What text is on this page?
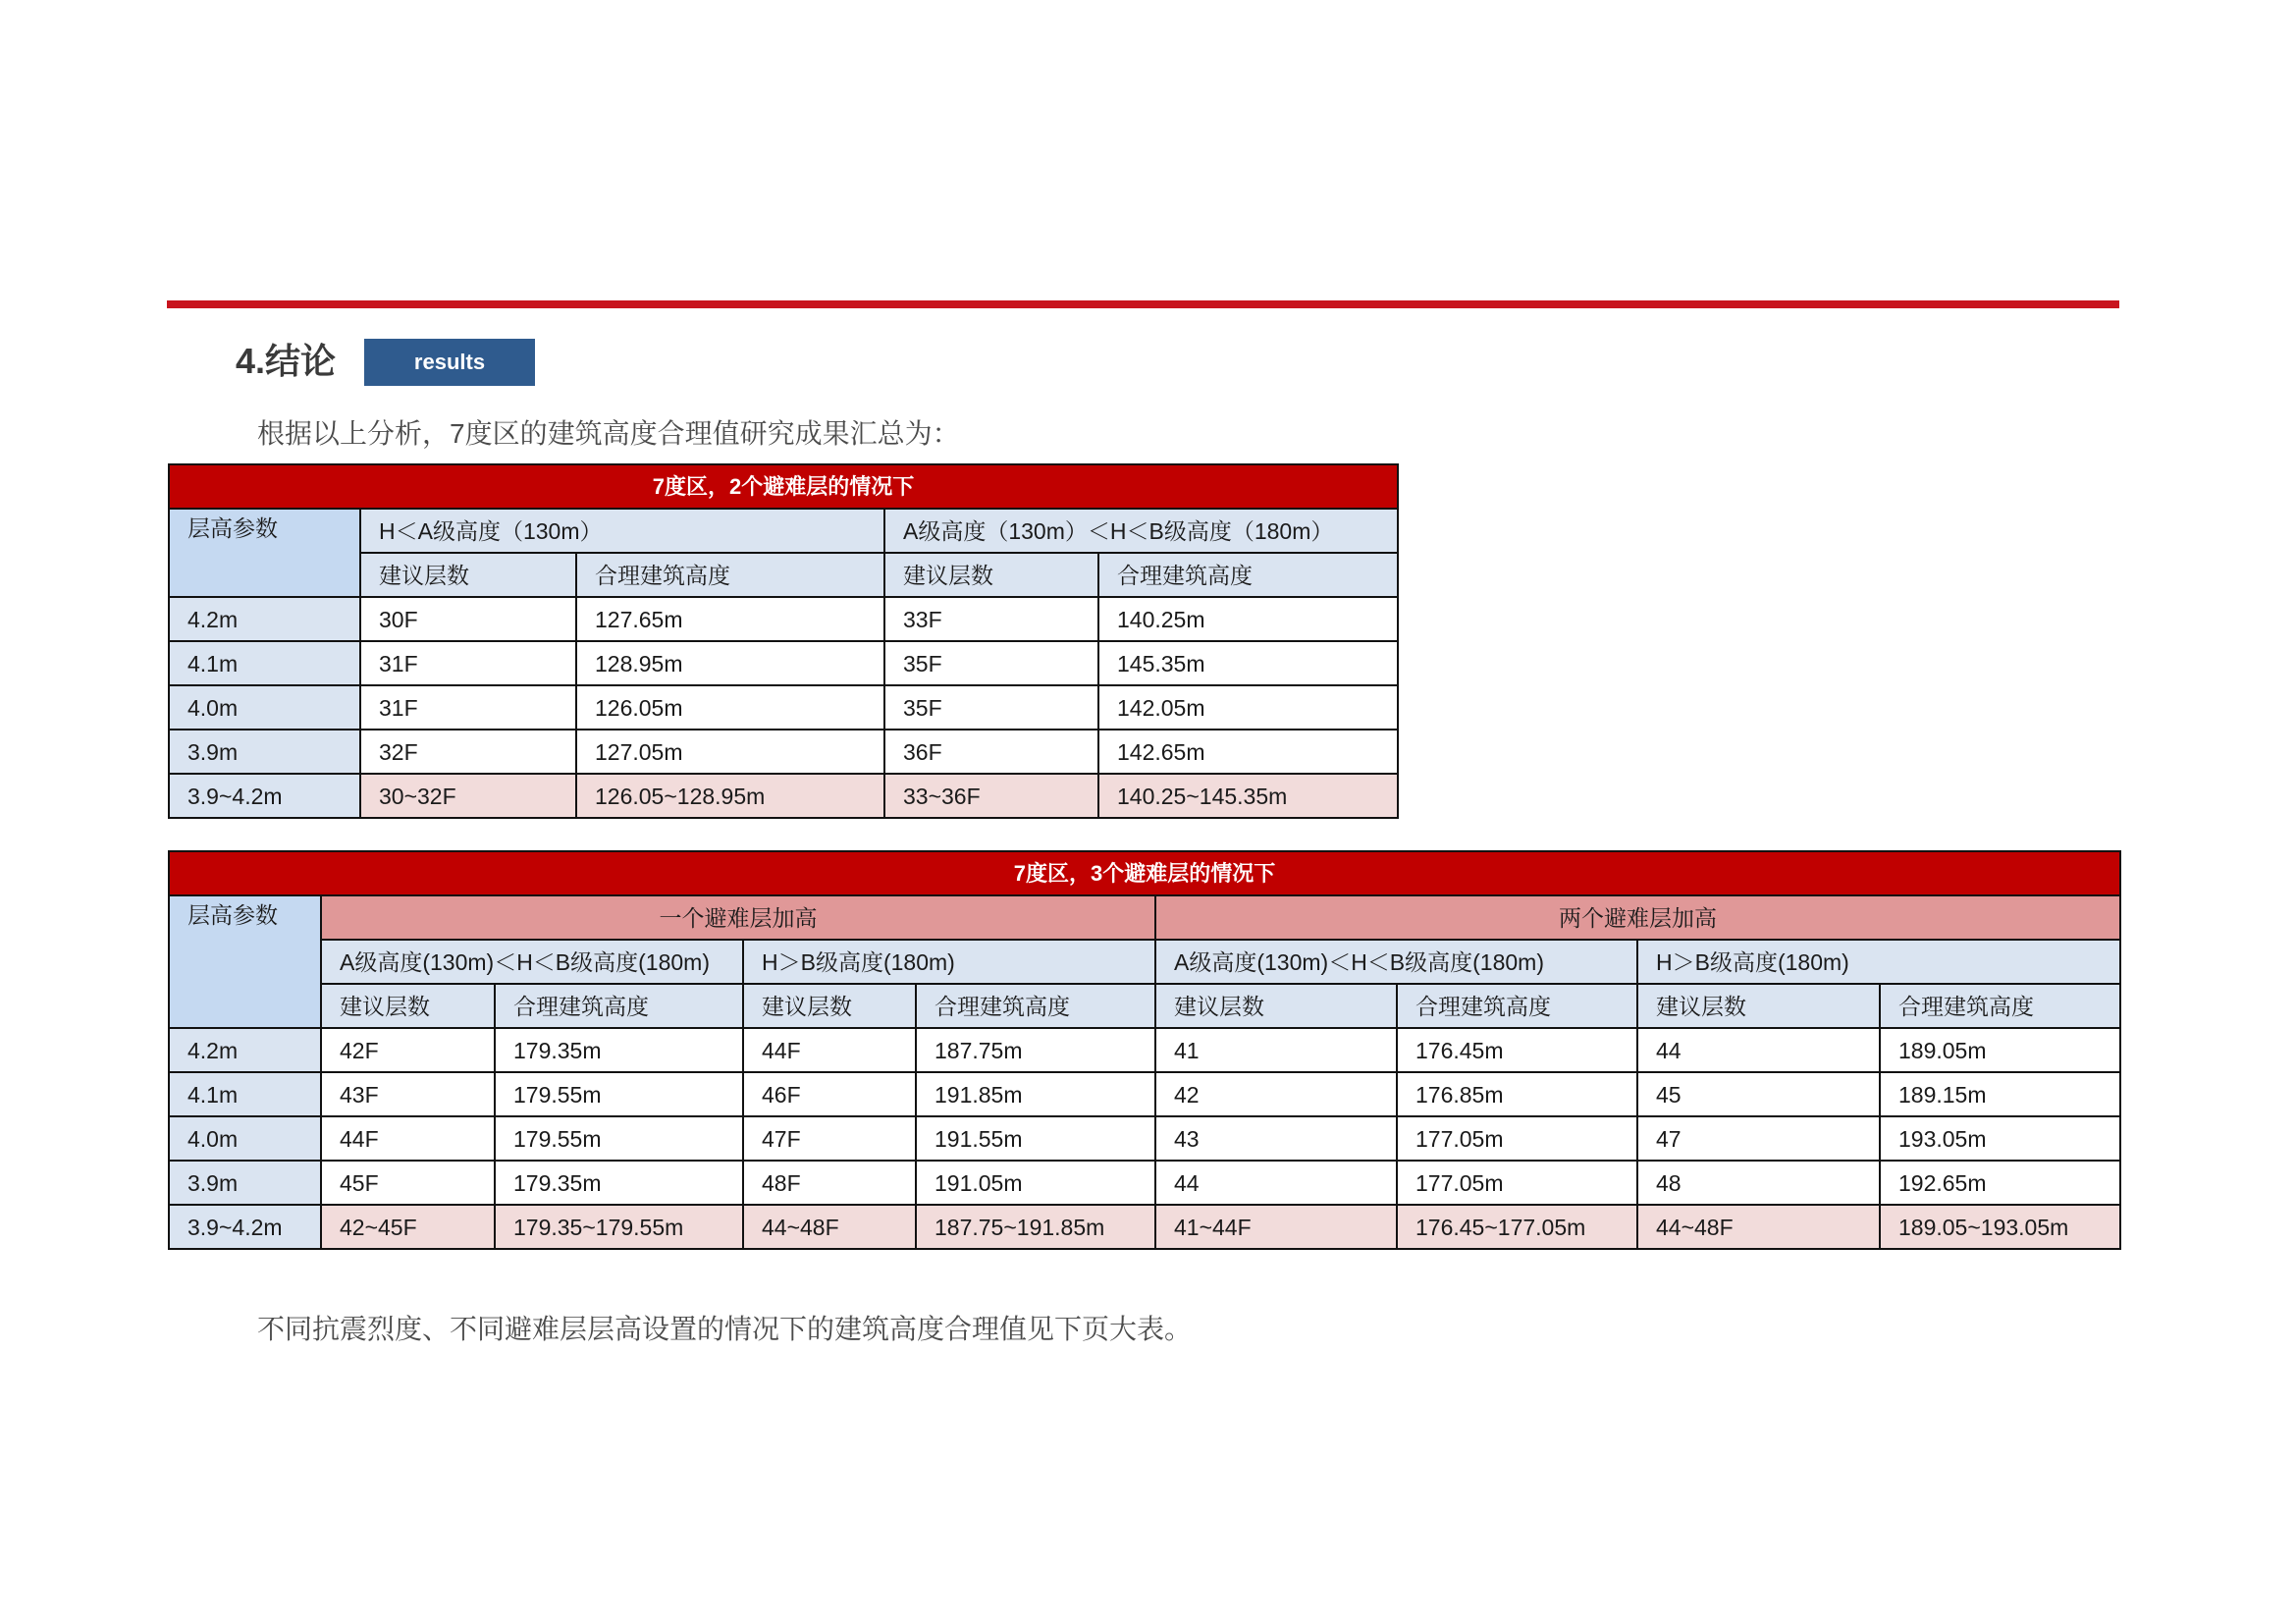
4.结论	results
根据以上分析，7度区的建筑高度合理值研究成果汇总为：
7度区，2个避难层的情况下				
层高参数	H＜A级高度（130m）		A级高度（130m）＜H＜B级高度（180m）	
	建议层数	合理建筑高度	建议层数	合理建筑高度
4.2m	30F	127.65m	33F	140.25m
4.1m	31F	128.95m	35F	145.35m
4.0m	31F	126.05m	35F	142.05m
3.9m	32F	127.05m	36F	142.65m
3.9~4.2m	30~32F	126.05~128.95m	33~36F	140.25~145.35m
7度区，3个避难层的情况下								
层高参数	一个避难层加高				两个避难层加高			
	A级高度(130m)＜H＜B级高度(180m)		H＞B级高度(180m)		A级高度(130m)＜H＜B级高度(180m)		H＞B级高度(180m)	
	建议层数	合理建筑高度	建议层数	合理建筑高度	建议层数	合理建筑高度	建议层数	合理建筑高度
4.2m	42F	179.35m	44F	187.75m	41	176.45m	44	189.05m
4.1m	43F	179.55m	46F	191.85m	42	176.85m	45	189.15m
4.0m	44F	179.55m	47F	191.55m	43	177.05m	47	193.05m
3.9m	45F	179.35m	48F	191.05m	44	177.05m	48	192.65m
3.9~4.2m	42~45F	179.35~179.55m	44~48F	187.75~191.85m	41~44F	176.45~177.05m	44~48F	189.05~193.05m
不同抗震烈度、不同避难层层高设置的情况下的建筑高度合理值见下页大表。
